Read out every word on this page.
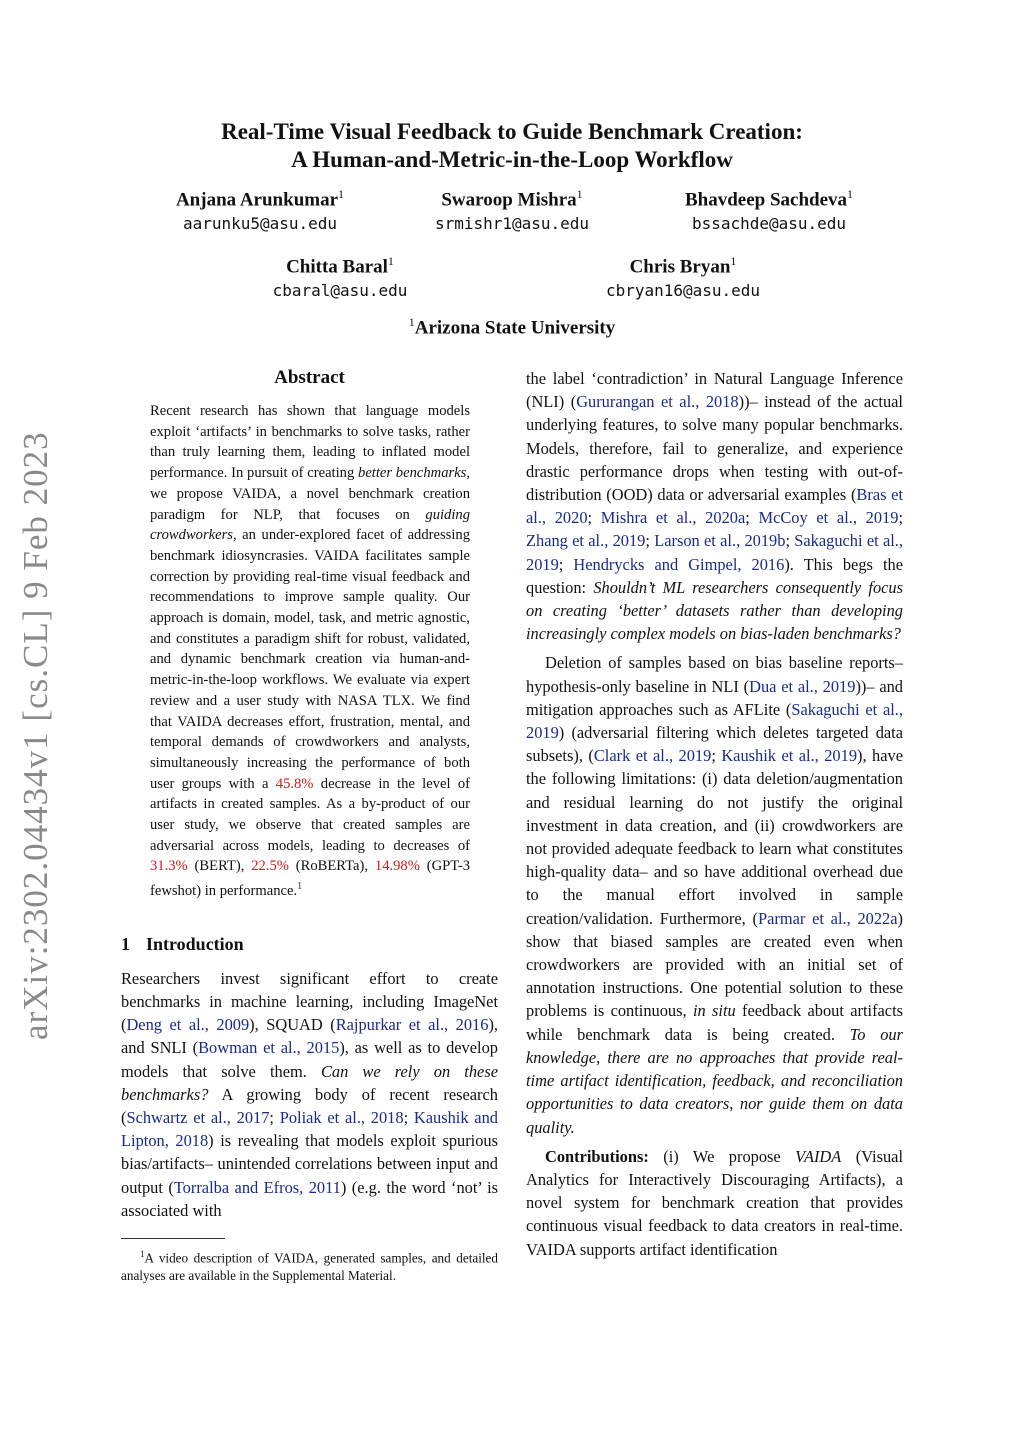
arXiv:2302.04434v1 [cs.CL] 9 Feb 2023
Real-Time Visual Feedback to Guide Benchmark Creation:
A Human-and-Metric-in-the-Loop Workflow
Anjana Arunkumar$^1$
aarunku5@asu.edu
Swaroop Mishra$^1$
srmishr1@asu.edu
Bhavdeep Sachdeva$^1$
bssachde@asu.edu
Chitta Baral$^1$
cbaral@asu.edu
Chris Bryan$^1$
cbryan16@asu.edu
$^1$Arizona State University
Abstract

Recent research has shown that language models exploit ‘artifacts’ in benchmarks to solve tasks, rather than truly learning them, leading to inflated model performance. In pursuit of creating better benchmarks, we propose VAIDA, a novel benchmark creation paradigm for NLP, that focuses on guiding crowdworkers, an under-explored facet of addressing benchmark idiosyncrasies. VAIDA facilitates sample correction by providing real-time visual feedback and recommendations to improve sample quality. Our approach is domain, model, task, and metric agnostic, and constitutes a paradigm shift for robust, validated, and dynamic benchmark creation via human-and-metric-in-the-loop workflows. We evaluate via expert review and a user study with NASA TLX. We find that VAIDA decreases effort, frustration, mental, and temporal demands of crowdworkers and analysts, simultaneously increasing the performance of both user groups with a 45.8% decrease in the level of artifacts in created samples. As a by-product of our user study, we observe that created samples are adversarial across models, leading to decreases of 31.3% (BERT), 22.5% (RoBERTa), 14.98% (GPT-3 fewshot) in performance.$^1$

1 Introduction

Researchers invest significant effort to create benchmarks in machine learning, including ImageNet (Deng et al., 2009), SQUAD (Rajpurkar et al., 2016), and SNLI (Bowman et al., 2015), as well as to develop models that solve them. Can we rely on these benchmarks? A growing body of recent research (Schwartz et al., 2017; Poliak et al., 2018; Kaushik and Lipton, 2018) is revealing that models exploit spurious bias/artifacts– unintended correlations between input and output (Torralba and Efros, 2011) (e.g. the word ‘not’ is associated with

$^1$A video description of VAIDA, generated samples, and detailed analyses are available in the Supplemental Material.

the label ‘contradiction’ in Natural Language Inference (NLI) (Gururangan et al., 2018))– instead of the actual underlying features, to solve many popular benchmarks. Models, therefore, fail to generalize, and experience drastic performance drops when testing with out-of-distribution (OOD) data or adversarial examples (Bras et al., 2020; Mishra et al., 2020a; McCoy et al., 2019; Zhang et al., 2019; Larson et al., 2019b; Sakaguchi et al., 2019; Hendrycks and Gimpel, 2016). This begs the question: Shouldn’t ML researchers consequently focus on creating ‘better’ datasets rather than developing increasingly complex models on bias-laden benchmarks?

Deletion of samples based on bias baseline reports– hypothesis-only baseline in NLI (Dua et al., 2019))– and mitigation approaches such as AFLite (Sakaguchi et al., 2019) (adversarial filtering which deletes targeted data subsets), (Clark et al., 2019; Kaushik et al., 2019), have the following limitations: (i) data deletion/augmentation and residual learning do not justify the original investment in data creation, and (ii) crowdworkers are not provided adequate feedback to learn what constitutes high-quality data– and so have additional overhead due to the manual effort involved in sample creation/validation. Furthermore, (Parmar et al., 2022a) show that biased samples are created even when crowdworkers are provided with an initial set of annotation instructions. One potential solution to these problems is continuous, in situ feedback about artifacts while benchmark data is being created. To our knowledge, there are no approaches that provide real-time artifact identification, feedback, and reconciliation opportunities to data creators, nor guide them on data quality.

Contributions: (i) We propose VAIDA (Visual Analytics for Interactively Discouraging Artifacts), a novel system for benchmark creation that provides continuous visual feedback to data creators in real-time. VAIDA supports artifact identification
